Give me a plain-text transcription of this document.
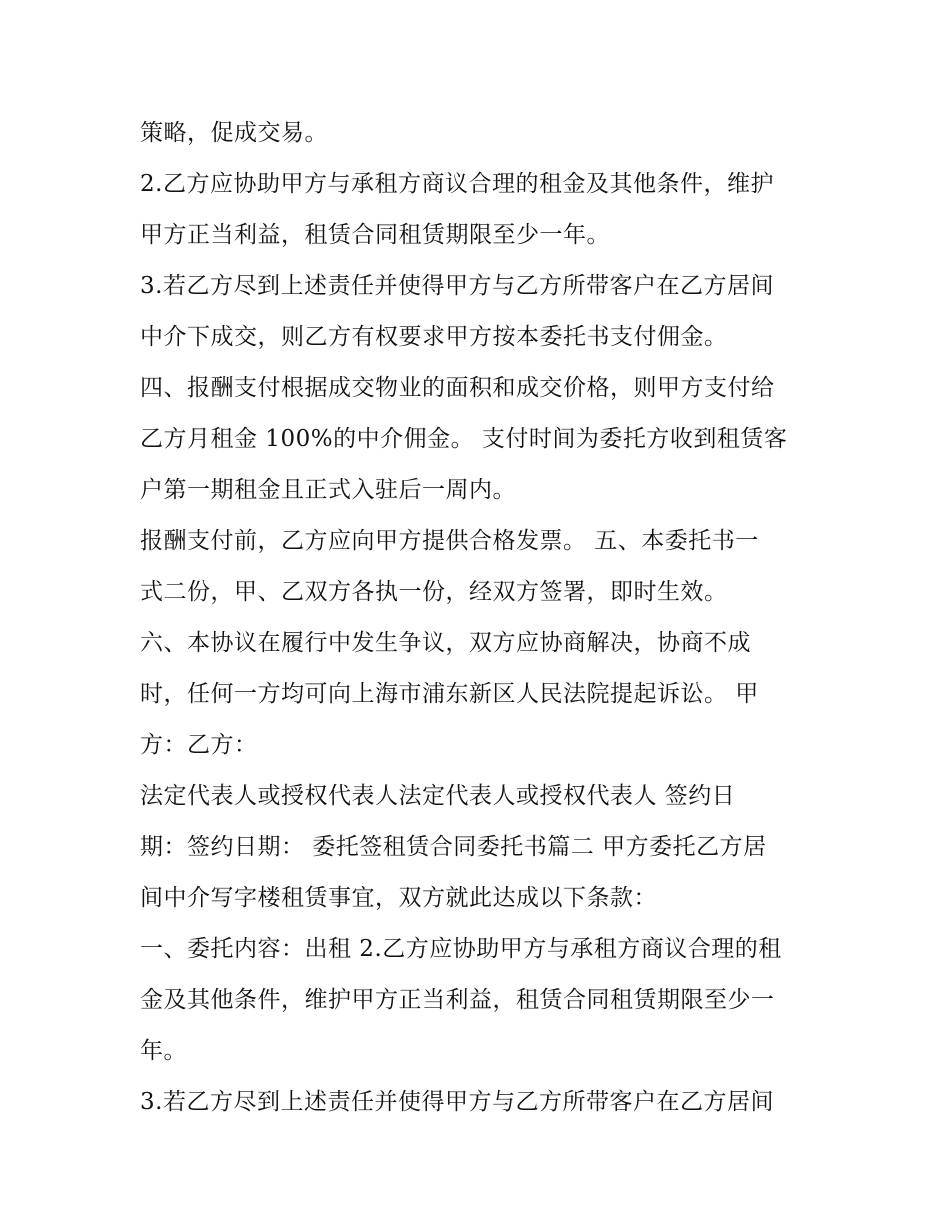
策略，促成交易。
2.乙方应协助甲方与承租方商议合理的租金及其他条件，维护
甲方正当利益，租赁合同租赁期限至少一年。
3.若乙方尽到上述责任并使得甲方与乙方所带客户在乙方居间
中介下成交，则乙方有权要求甲方按本委托书支付佣金。
四、报酬支付根据成交物业的面积和成交价格，则甲方支付给
乙方月租金 100%的中介佣金。 支付时间为委托方收到租赁客
户第一期租金且正式入驻后一周内。
报酬支付前，乙方应向甲方提供合格发票。 五、本委托书一
式二份，甲、乙双方各执一份，经双方签署，即时生效。
六、本协议在履行中发生争议，双方应协商解决，协商不成
时，任何一方均可向上海市浦东新区人民法院提起诉讼。 甲
方：乙方：
法定代表人或授权代表人法定代表人或授权代表人 签约日
期：签约日期： 委托签租赁合同委托书篇二 甲方委托乙方居
间中介写字楼租赁事宜，双方就此达成以下条款：
一、委托内容：出租 2.乙方应协助甲方与承租方商议合理的租
金及其他条件，维护甲方正当利益，租赁合同租赁期限至少一
年。
3.若乙方尽到上述责任并使得甲方与乙方所带客户在乙方居间
